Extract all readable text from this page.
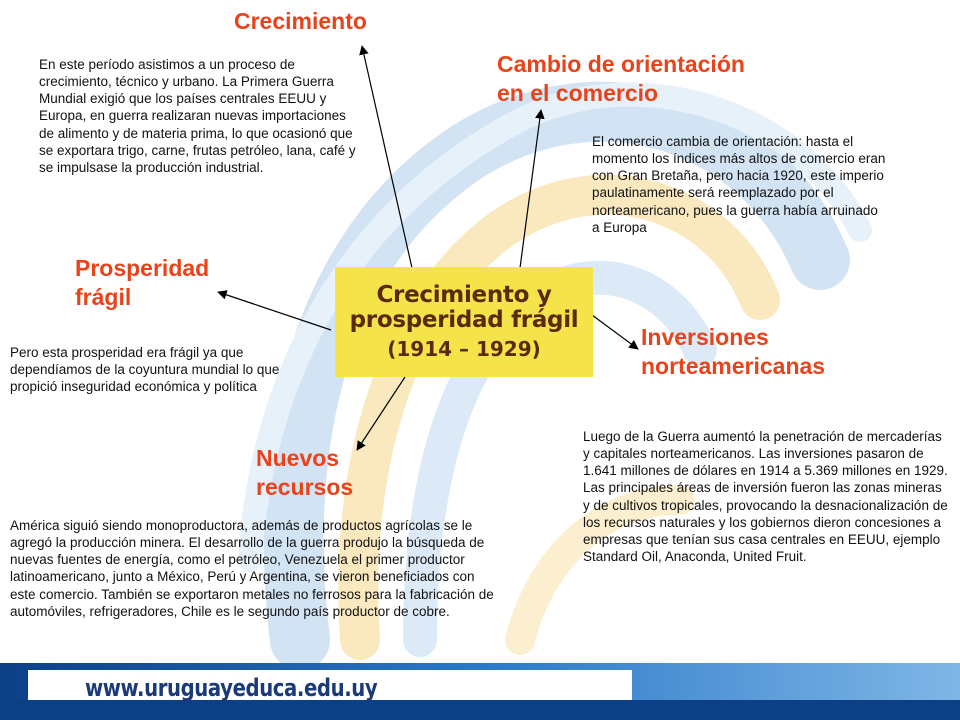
Crecimiento y
prosperidad frágil
(1914 – 1929)
Crecimiento
En este período asistimos a un proceso de crecimiento, técnico y urbano. La Primera Guerra Mundial exigió que los países centrales EEUU y Europa, en guerra realizaran nuevas importaciones de alimento y de materia prima, lo que ocasionó que se exportara trigo, carne, frutas petróleo, lana, café y se impulsase la producción industrial.
Cambio de orientación
en el comercio
El comercio cambia de orientación: hasta el momento los índices más altos de comercio eran con Gran Bretaña, pero hacia 1920, este imperio paulatinamente será reemplazado por el norteamericano, pues la guerra había arruinado a Europa
Prosperidad
frágil
Pero esta prosperidad era frágil ya que dependíamos de la coyuntura mundial lo que propició inseguridad económica y política
Inversiones
norteamericanas
Luego de la Guerra aumentó la penetración de mercaderías y capitales norteamericanos. Las inversiones pasaron de 1.641 millones de dólares en 1914 a 5.369 millones en 1929. Las principales áreas de inversión fueron las zonas mineras y de cultivos tropicales, provocando la desnacionalización de los recursos naturales y los gobiernos dieron concesiones a empresas que tenían sus casa centrales en EEUU, ejemplo Standard Oil, Anaconda, United Fruit.
Nuevos
recursos
América siguió siendo monoproductora, además de productos agrícolas se le agregó la producción minera. El desarrollo de la guerra produjo la búsqueda de nuevas fuentes de energía, como el petróleo, Venezuela el primer productor latinoamericano, junto a México, Perú y Argentina, se vieron beneficiados con este comercio. También se exportaron metales no ferrosos para la fabricación de automóviles, refrigeradores, Chile es le segundo país productor de cobre.
www.uruguayeduca.edu.uy
